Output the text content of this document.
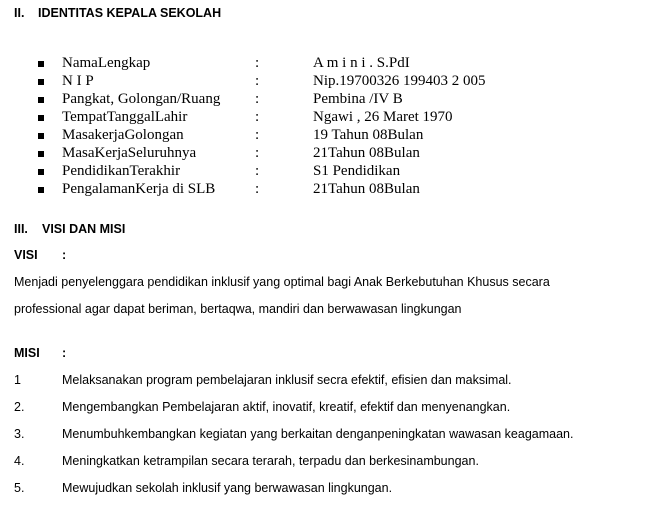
II. IDENTITAS KEPALA SEKOLAH
NamaLengkap	:	A m i n i . S.PdI
N I P	:	Nip.19700326 199403 2 005
Pangkat, Golongan/Ruang :	Pembina /IV B
TempatTanggalLahir	:	Ngawi , 26 Maret 1970
MasakerjaGolongan	:	19 Tahun 08Bulan
MasaKerjaSeluruhnya	:	21Tahun 08Bulan
PendidikanTerakhir	:	S1 Pendidikan
PengalamanKerja di SLB	:	21Tahun 08Bulan
III. VISI DAN MISI
VISI :
Menjadi penyelenggara pendidikan inklusif yang optimal bagi Anak Berkebutuhan Khusus secara
professional agar dapat beriman, bertaqwa, mandiri dan berwawasan lingkungan
MISI :
1	Melaksanakan program pembelajaran inklusif secra efektif, efisien dan maksimal.
2.	Mengembangkan Pembelajaran aktif, inovatif, kreatif, efektif dan menyenangkan.
3.	Menumbuhkembangkan kegiatan yang berkaitan denganpeningkatan wawasan keagamaan.
4.	Meningkatkan ketrampilan secara terarah, terpadu dan berkesinambungan.
5.	Mewujudkan sekolah inklusif yang berwawasan lingkungan.
